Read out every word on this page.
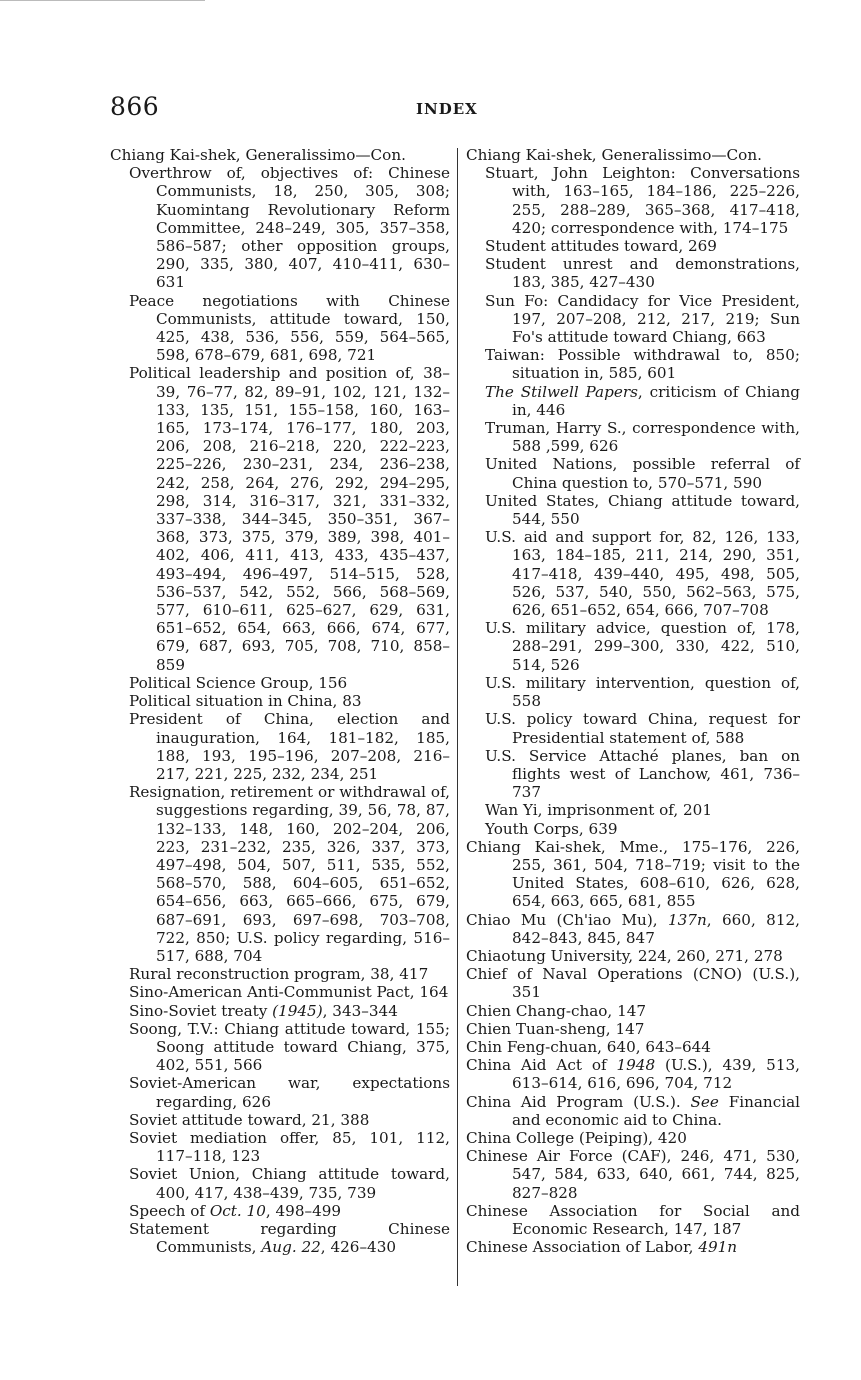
866	INDEX

Chiang Kai-shek, Generalissimo—Con.

Overthrow of, objectives of: Chinese Communists, 18, 250, 305, 308; Kuomintang Revolutionary Reform Committee, 248–249, 305, 357–358, 586–587; other opposition groups, 290, 335, 380, 407, 410–411, 630–631

Peace negotiations with Chinese Communists, attitude toward, 150, 425, 438, 536, 556, 559, 564–565, 598, 678–679, 681, 698, 721

Political leadership and position of, 38–39, 76–77, 82, 89–91, 102, 121, 132–133, 135, 151, 155–158, 160, 163–165, 173–174, 176–177, 180, 203, 206, 208, 216–218, 220, 222–223, 225–226, 230–231, 234, 236–238, 242, 258, 264, 276, 292, 294–295, 298, 314, 316–317, 321, 331–332, 337–338, 344–345, 350–351, 367–368, 373, 375, 379, 389, 398, 401–402, 406, 411, 413, 433, 435–437, 493–494, 496–497, 514–515, 528, 536–537, 542, 552, 566, 568–569, 577, 610–611, 625–627, 629, 631, 651–652, 654, 663, 666, 674, 677, 679, 687, 693, 705, 708, 710, 858–859

Political Science Group, 156

Political situation in China, 83

President of China, election and inauguration, 164, 181–182, 185, 188, 193, 195–196, 207–208, 216–217, 221, 225, 232, 234, 251

Resignation, retirement or withdrawal of, suggestions regarding, 39, 56, 78, 87, 132–133, 148, 160, 202–204, 206, 223, 231–232, 235, 326, 337, 373, 497–498, 504, 507, 511, 535, 552, 568–570, 588, 604–605, 651–652, 654–656, 663, 665–666, 675, 679, 687–691, 693, 697–698, 703–708, 722, 850; U.S. policy regarding, 516–517, 688, 704

Rural reconstruction program, 38, 417

Sino-American Anti-Communist Pact, 164

Sino-Soviet treaty (1945), 343–344

Soong, T.V.: Chiang attitude toward, 155; Soong attitude toward Chiang, 375, 402, 551, 566

Soviet-American war, expectations regarding, 626

Soviet attitude toward, 21, 388

Soviet mediation offer, 85, 101, 112, 117–118, 123

Soviet Union, Chiang attitude toward, 400, 417, 438–439, 735, 739

Speech of Oct. 10, 498–499

Statement regarding Chinese Communists, Aug. 22, 426–430

Chiang Kai-shek, Generalissimo—Con.

Stuart, John Leighton: Conversations with, 163–165, 184–186, 225–226, 255, 288–289, 365–368, 417–418, 420; correspondence with, 174–175

Student attitudes toward, 269

Student unrest and demonstrations, 183, 385, 427–430

Sun Fo: Candidacy for Vice President, 197, 207–208, 212, 217, 219; Sun Fo's attitude toward Chiang, 663

Taiwan: Possible withdrawal to, 850; situation in, 585, 601

The Stilwell Papers, criticism of Chiang in, 446

Truman, Harry S., correspondence with, 588 ,599, 626

United Nations, possible referral of China question to, 570–571, 590

United States, Chiang attitude toward, 544, 550

U.S. aid and support for, 82, 126, 133, 163, 184–185, 211, 214, 290, 351, 417–418, 439–440, 495, 498, 505, 526, 537, 540, 550, 562–563, 575, 626, 651–652, 654, 666, 707–708

U.S. military advice, question of, 178, 288–291, 299–300, 330, 422, 510, 514, 526

U.S. military intervention, question of, 558

U.S. policy toward China, request for Presidential statement of, 588

U.S. Service Attaché planes, ban on flights west of Lanchow, 461, 736–737

Wan Yi, imprisonment of, 201

Youth Corps, 639

Chiang Kai-shek, Mme., 175–176, 226, 255, 361, 504, 718–719; visit to the United States, 608–610, 626, 628, 654, 663, 665, 681, 855

Chiao Mu (Ch'iao Mu), 137n, 660, 812, 842–843, 845, 847

Chiaotung University, 224, 260, 271, 278

Chief of Naval Operations (CNO) (U.S.), 351

Chien Chang-chao, 147

Chien Tuan-sheng, 147

Chin Feng-chuan, 640, 643–644

China Aid Act of 1948 (U.S.), 439, 513, 613–614, 616, 696, 704, 712

China Aid Program (U.S.). See Financial and economic aid to China.

China College (Peiping), 420

Chinese Air Force (CAF), 246, 471, 530, 547, 584, 633, 640, 661, 744, 825, 827–828

Chinese Association for Social and Economic Research, 147, 187

Chinese Association of Labor, 491n
